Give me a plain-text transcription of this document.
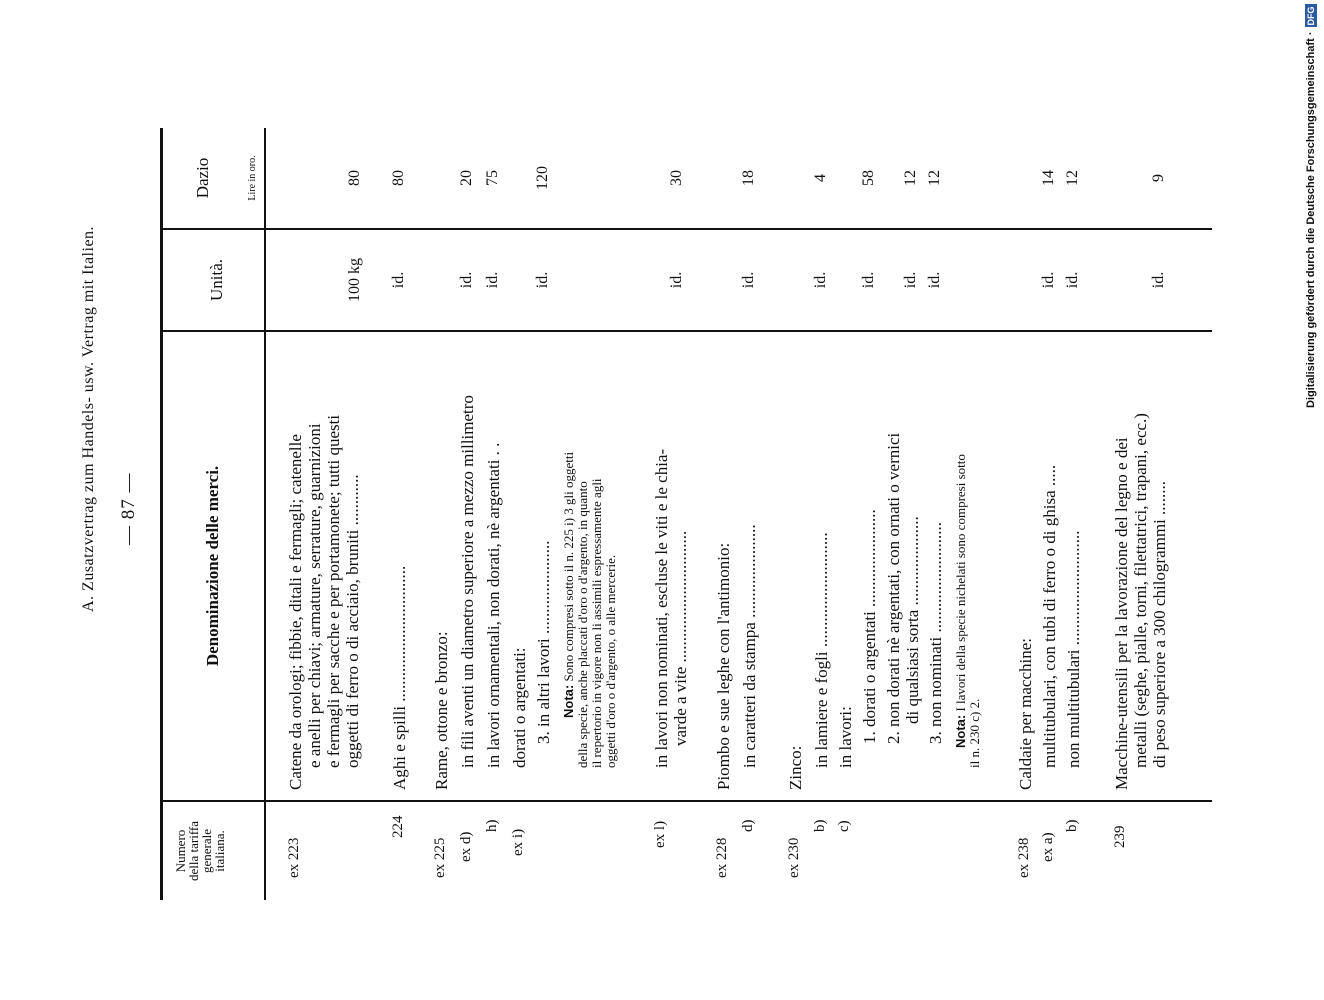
A. Zusatzvertrag zum Handels- usw. Vertrag mit Italien. — 87 —
Numero
della tariffa
generale
italiana.
Denominazione delle merci.
Unità.
Dazio	Lire in oro.
ex 223
Catene da orologi; fibbie, ditali e fermagli; catenelle e anelli per chiavi; armature, serrature, guarnizioni e fermagli per sacche e per portamonete; tutti questi oggetti di ferro o di acciaio, bruniti ............
100 kg
80
224
Aghi e spilli ................................
id.
80
ex 225
Rame, ottone e bronzo:
ex d)
in fili aventi un diametro superiore a mezzo millimetro
id.
20
h)
in lavori ornamentali, non dorati, nè argentati . .
id.
75
ex i)
dorati o argentati: 3. in altri lavori ......................
id.
120
Nota: Sono compresi sotto il n. 225 i) 3 gli oggetti della specie, anche placcati d'oro o d'argento, in quanto il repertorio in vigore non li assimili espressamente agli oggetti d'oro o d'argento, o alle mercerie.
ex l)
in lavori non nominati, escluse le viti e le chia- varde a vite ...............................
id.
30
ex 228
Piombo e sue leghe con l'antimonio:
d)
in caratteri da stampa ......................
id.
18
ex 230
Zinco:
b)
in lamiere e fogli ...........................
id.
4
c)
in lavori: 1. dorati o argentati .......................
id.
58
2. non dorati nè argentati, con ornati o vernici di qualsiasi sorta .....................
id.
12
3. non nominati ..........................
id.
12
Nota: I lavori della specie nichelati sono compresi sotto
il n. 230 c) 2.
ex 238
Caldaie per macchine:
ex a)
multitubulari, con tubi di ferro o di ghisa .....
id.
14
b)
non multitubulari ...........................
id.
12
239
Macchine-utensili per la lavorazione del legno e dei metalli (seghe, pialle, torni, filettatrici, trapani, ecc.) di peso superiore a 300 chilogrammi ........
id.
9	Digitalisierung gefördert durch die Deutsche Forschungsgemeinschaft ·DFG
